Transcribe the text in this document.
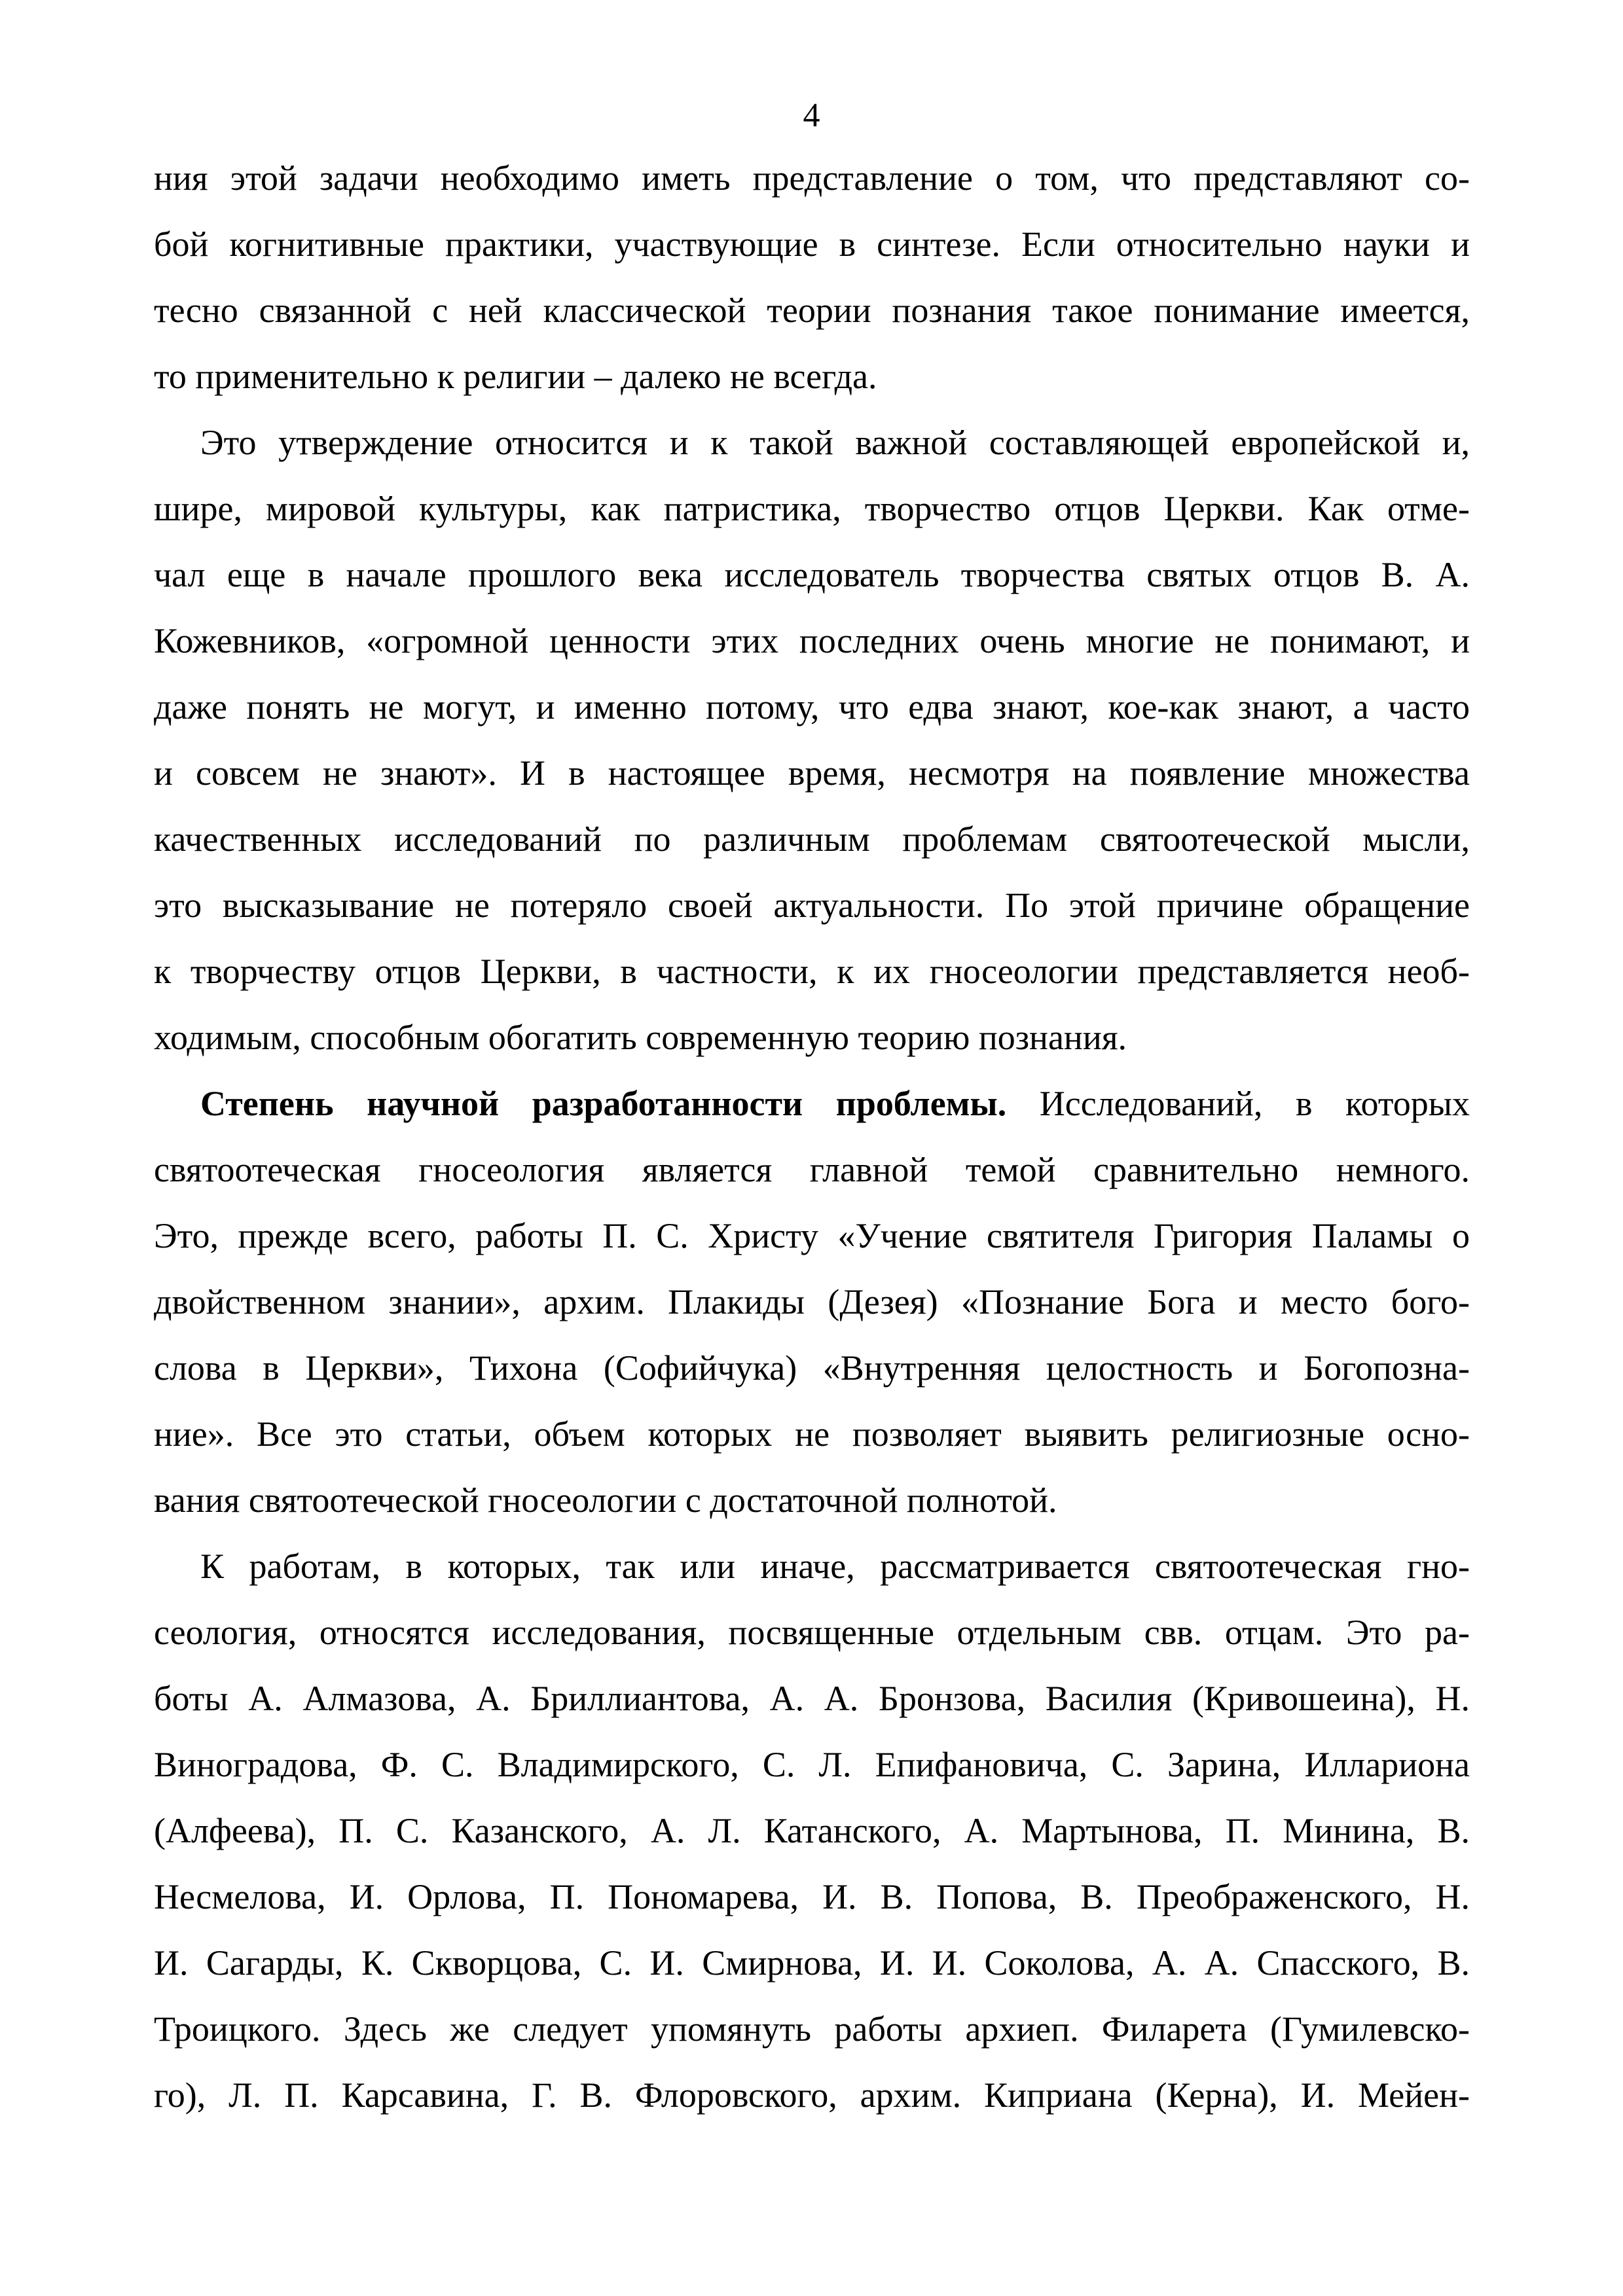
4
ния этой задачи необходимо иметь представление о том, что представляют со-
бой когнитивные практики, участвующие в синтезе. Если относительно науки и
тесно связанной с ней классической теории познания такое понимание имеется,
то применительно к религии – далеко не всегда.
Это утверждение относится и к такой важной составляющей европейской и,
шире, мировой культуры, как патристика, творчество отцов Церкви. Как отме-
чал еще в начале прошлого века исследователь творчества святых отцов В. А.
Кожевников, «огромной ценности этих последних очень многие не понимают, и
даже понять не могут, и именно потому, что едва знают, кое-как знают, а часто
и совсем не знают». И в настоящее время, несмотря на появление множества
качественных исследований по различным проблемам святоотеческой мысли,
это высказывание не потеряло своей актуальности. По этой причине обращение
к творчеству отцов Церкви, в частности, к их гносеологии представляется необ-
ходимым, способным обогатить современную теорию познания.
Степень научной разработанности проблемы. Исследований, в которых
святоотеческая гносеология является главной темой сравнительно немного.
Это, прежде всего, работы П. С. Христу «Учение святителя Григория Паламы о
двойственном знании», архим. Плакиды (Дезея) «Познание Бога и место бого-
слова в Церкви», Тихона (Софийчука) «Внутренняя целостность и Богопозна-
ние». Все это статьи, объем которых не позволяет выявить религиозные осно-
вания святоотеческой гносеологии с достаточной полнотой.
К работам, в которых, так или иначе, рассматривается святоотеческая гно-
сеология, относятся исследования, посвященные отдельным свв. отцам. Это ра-
боты А. Алмазова, А. Бриллиантова, А. А. Бронзова, Василия (Кривошеина), Н.
Виноградова, Ф. С. Владимирского, С. Л. Епифановича, С. Зарина, Иллариона
(Алфеева), П. С. Казанского, А. Л. Катанского, А. Мартынова, П. Минина, В.
Несмелова, И. Орлова, П. Пономарева, И. В. Попова, В. Преображенского, Н.
И. Сагарды, К. Скворцова, С. И. Смирнова, И. И. Соколова, А. А. Спасского, В.
Троицкого. Здесь же следует упомянуть работы архиеп. Филарета (Гумилевско-
го), Л. П. Карсавина, Г. В. Флоровского, архим. Киприана (Керна), И. Мейен-
